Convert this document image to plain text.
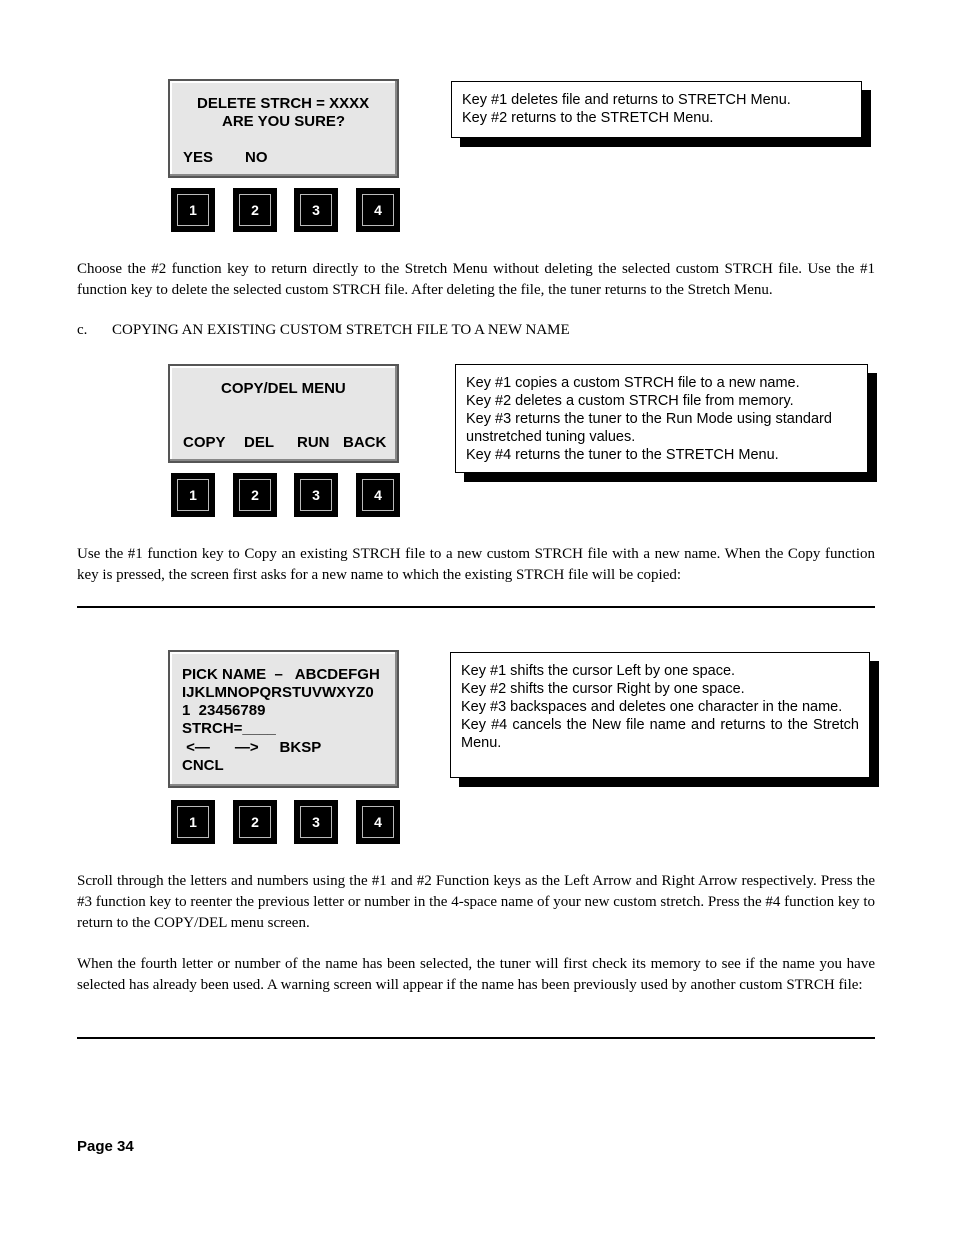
DELETE STRCH = XXXX
ARE YOU SURE?
YES NO
1	2	3	4
Key #1 deletes file and returns to STRETCH Menu.
Key #2 returns to the STRETCH Menu.
Choose the #2 function key to return directly to the Stretch Menu without deleting the selected custom STRCH file. Use the #1 function key to delete the selected custom STRCH file. After deleting the file, the tuner returns to the Stretch Menu.
c. COPYING AN EXISTING CUSTOM STRETCH FILE TO A NEW NAME
COPY/DEL MENU
COPY DEL RUN BACK
1	2	3	4
Key #1 copies a custom STRCH file to a new name.
Key #2 deletes a custom STRCH file from memory.
Key #3 returns the tuner to the Run Mode using standard unstretched tuning values.
Key #4 returns the tuner to the STRETCH Menu.
Use the #1 function key to Copy an existing STRCH file to a new custom STRCH file with a new name. When the Copy function key is pressed, the screen first asks for a new name to which the existing STRCH file will be copied:
PICK NAME  –   ABCDEFGH
IJKLMNOPQRSTUVWXYZ0
1  23456789
STRCH=____
<—      —>     BKSP
CNCL
1	2	3	4
Key #1 shifts the cursor Left by one space.
Key #2 shifts the cursor Right by one space.
Key #3 backspaces and deletes one character in the name.
Key #4 cancels the New file name and returns to the Stretch Menu.
Scroll through the letters and numbers using the #1 and #2 Function keys as the Left Arrow and Right Arrow respectively. Press the #3 function key to reenter the previous letter or number in the 4-space name of your new custom stretch. Press the #4 function key to return to the COPY/DEL menu screen.
When the fourth letter or number of the name has been selected, the tuner will first check its memory to see if the name you have selected has already been used. A warning screen will appear if the name has been previously used by another custom STRCH file:
Page 34
